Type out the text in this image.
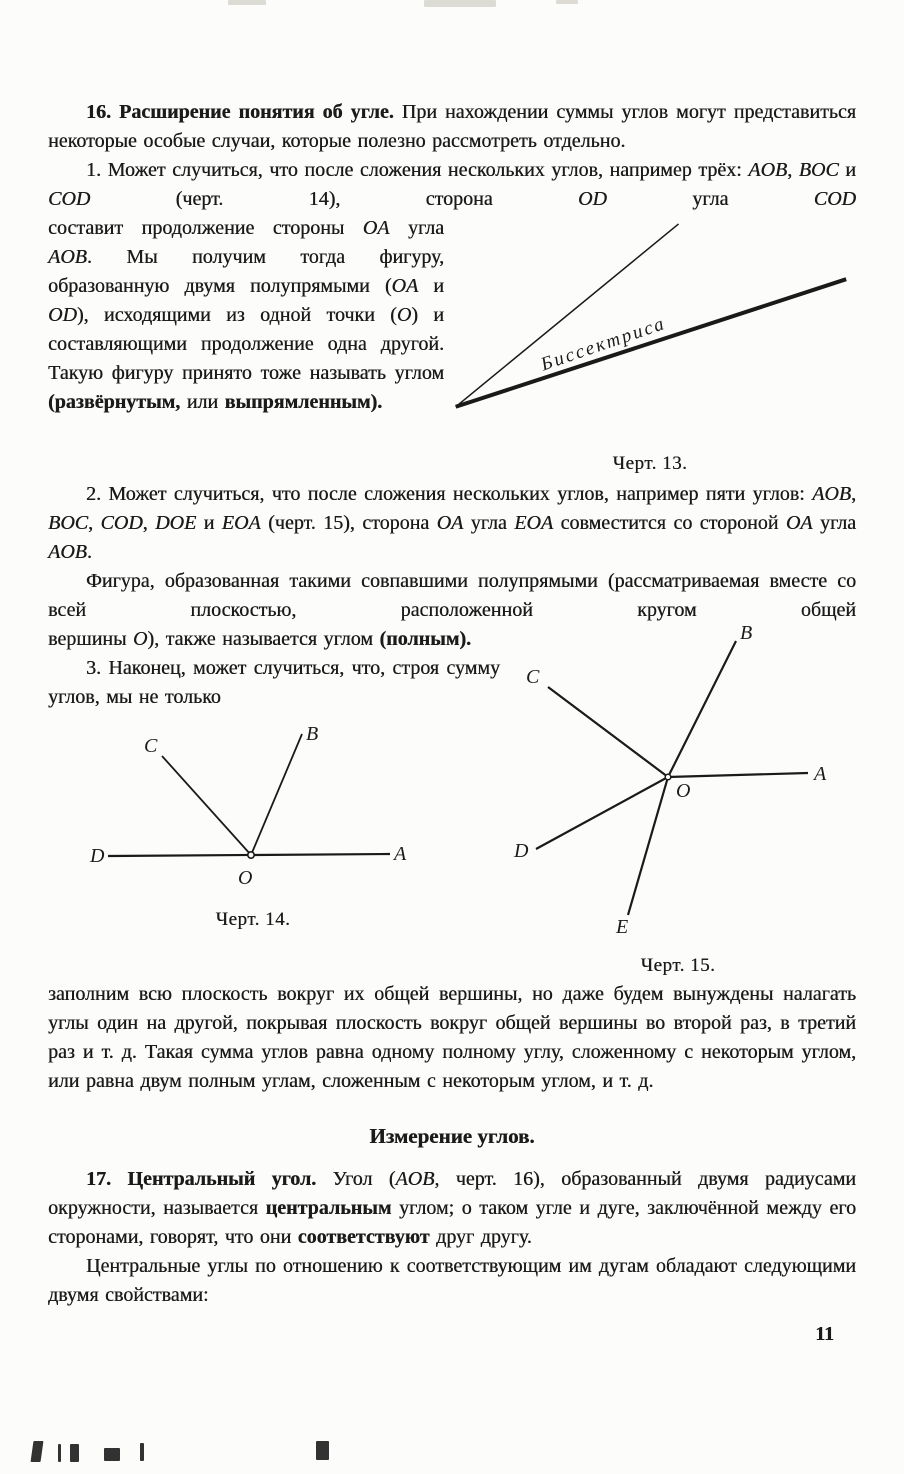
16. Расширение понятия об угле. При нахождении суммы углов могут представиться некоторые особые случаи, которые полезно рассмотреть отдельно.

1. Может случиться, что после сложения нескольких углов, например трёх: AOB, BOC и COD (черт. 14), сторона OD угла COD

составит продолжение стороны OA угла AOB. Мы получим тогда фигуру, образованную двумя полупрямыми (OA и OD), исходящими из одной точки (O) и составляющими продолжение одна другой. Такую фигуру принято тоже называть углом (развёрнутым, или выпрямленным).

Биссектриса
Черт. 13.

2. Может случиться, что после сложения нескольких углов, например пяти углов: AOB, BOC, COD, DOE и EOA (черт. 15), сторона OA угла EOA совместится со стороной OA угла AOB.

Фигура, образованная такими совпавшими полупрямыми (рассматриваемая вместе со всей плоскостью, расположенной кругом общей

вершины O), также называется углом (полным).

3. Наконец, может случиться, что, строя сумму углов, мы не только

D	A
C
B
O
Черт. 14.
A
B
C
D
E
O
Черт. 15.

заполним всю плоскость вокруг их общей вершины, но даже будем вынуждены налагать углы один на другой, покрывая плоскость вокруг общей вершины во второй раз, в третий раз и т. д. Такая сумма углов равна одному полному углу, сложенному с некоторым углом, или равна двум полным углам, сложенным с некоторым углом, и т. д.

Измерение углов.

17. Центральный угол. Угол (AOB, черт. 16), образованный двумя радиусами окружности, называется центральным углом; о таком угле и дуге, заключённой между его сторонами, говорят, что они соответствуют друг другу.

Центральные углы по отношению к соответствующим им дугам обладают следующими двумя свойствами:

11
